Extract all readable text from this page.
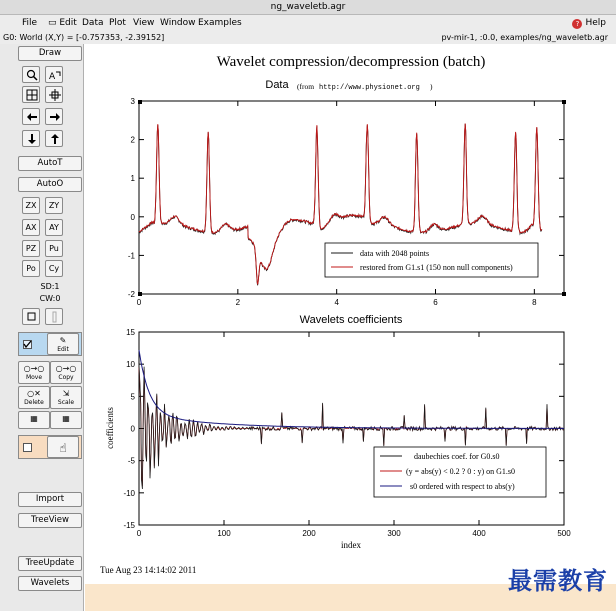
ng_waveletb.agr
File ▭ Edit Data Plot View Window Examples	? Help
G0: World (X,Y) = [-0.757353, -2.39152]	pv-mir-1, :0.0, examples/ng_waveletb.agr
Draw
A
AutoT
AutoO
ZX	ZY
AX	AY
PZ	Pu
Po	Cy
SD:1
CW:0
✎
Edit
○→○
Move
○→○
Copy
○✕
Delete
⇲
Scale
▦	▦
☝
Import
TreeView
TreeUpdate
Wavelets
Wavelet compression/decompression (batch)
Data (from http://www.physionet.org )
0	2	4	6	8
-2
-1
0
1
2
3
data with 2048 points
restored from G1.s1 (150 non null components)
Wavelets coefficients
0	100	200	300	400	500
-15
-10
-5
0
5
10
15
index
coefficients
daubechies coef. for G0.s0
(y = abs(y) < 0.2 ? 0 : y) on G1.s0
s0 ordered with respect to abs(y)
Tue Aug 23 14:14:02 2011	最需教育
